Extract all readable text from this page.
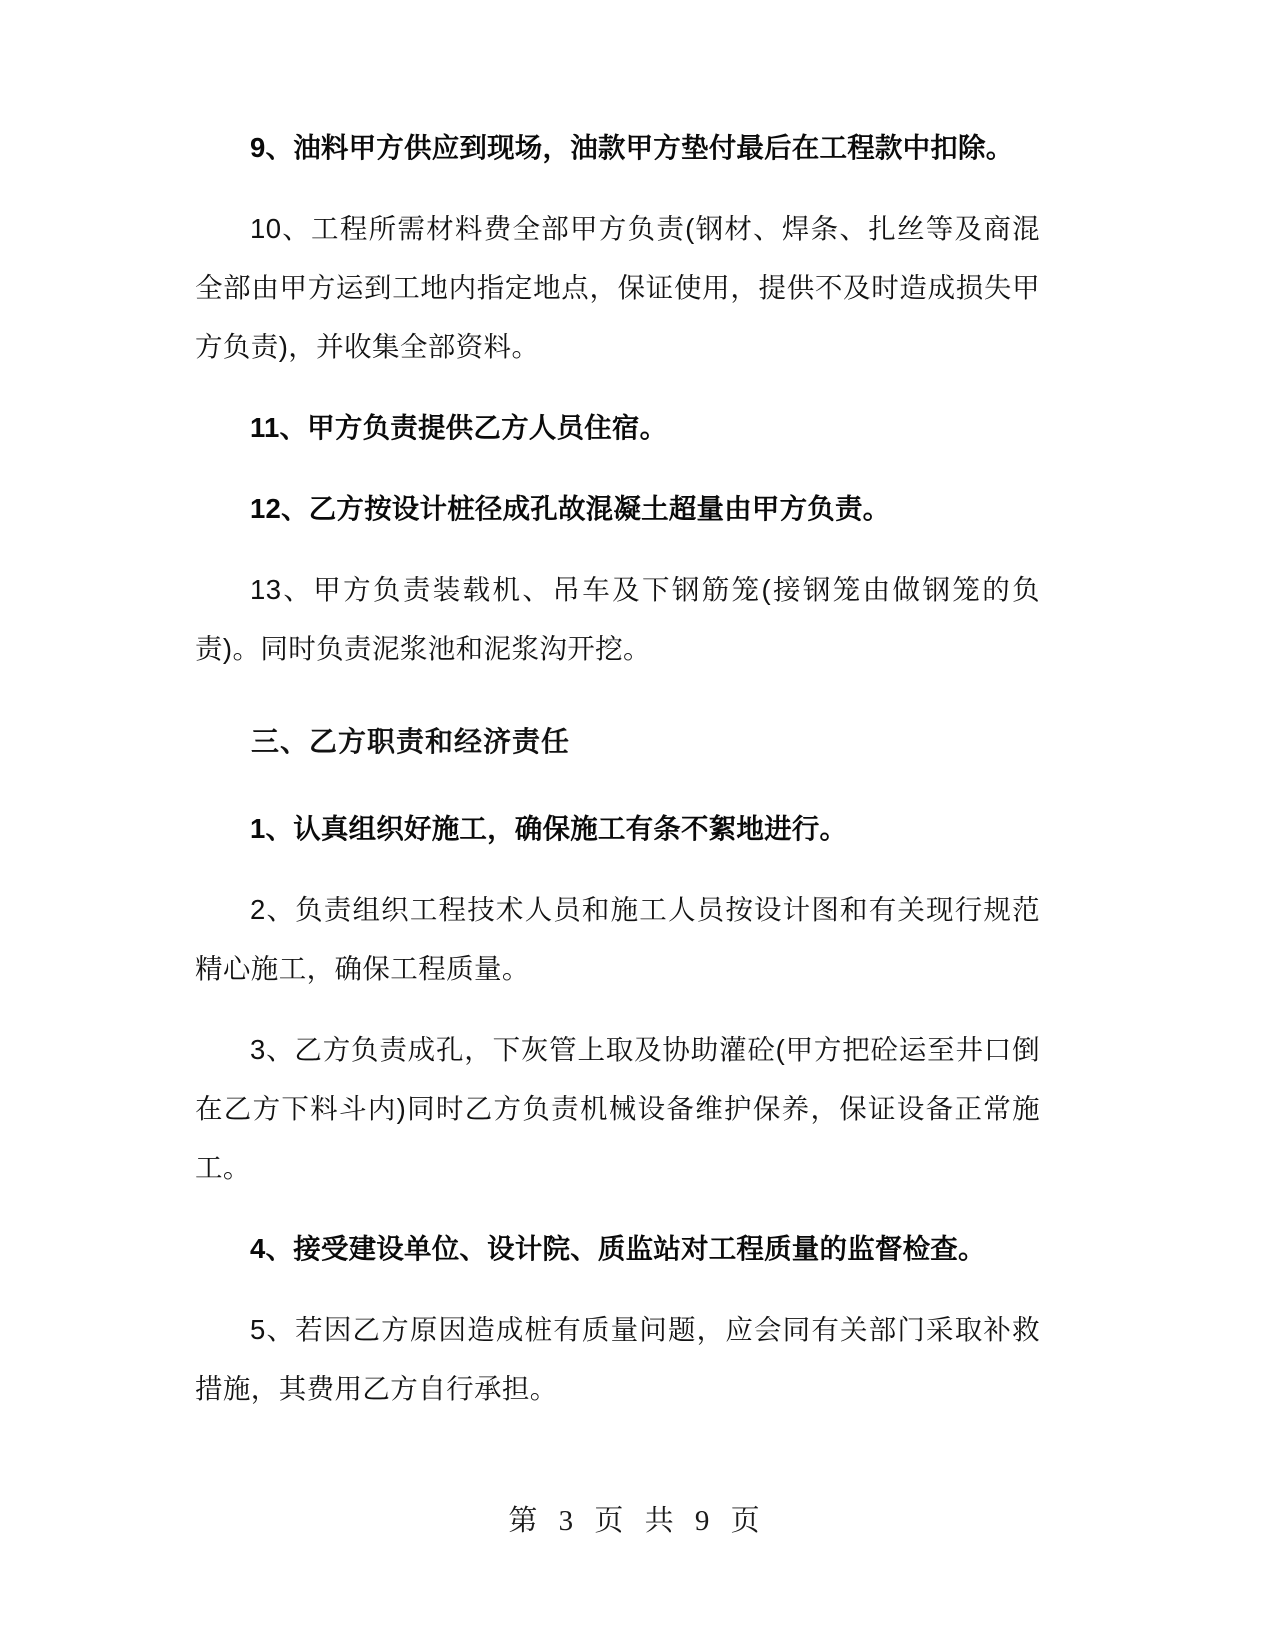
9、油料甲方供应到现场，油款甲方垫付最后在工程款中扣除。

10、工程所需材料费全部甲方负责(钢材、焊条、扎丝等及商混全部由甲方运到工地内指定地点，保证使用，提供不及时造成损失甲方负责)，并收集全部资料。

11、甲方负责提供乙方人员住宿。

12、乙方按设计桩径成孔故混凝土超量由甲方负责。

13、甲方负责装载机、吊车及下钢筋笼(接钢笼由做钢笼的负责)。同时负责泥浆池和泥浆沟开挖。

三、乙方职责和经济责任

1、认真组织好施工，确保施工有条不絮地进行。

2、负责组织工程技术人员和施工人员按设计图和有关现行规范精心施工，确保工程质量。

3、乙方负责成孔，下灰管上取及协助灌砼(甲方把砼运至井口倒在乙方下料斗内)同时乙方负责机械设备维护保养，保证设备正常施工。

4、接受建设单位、设计院、质监站对工程质量的监督检查。

5、若因乙方原因造成桩有质量问题，应会同有关部门采取补救措施，其费用乙方自行承担。

第 3 页 共 9 页
